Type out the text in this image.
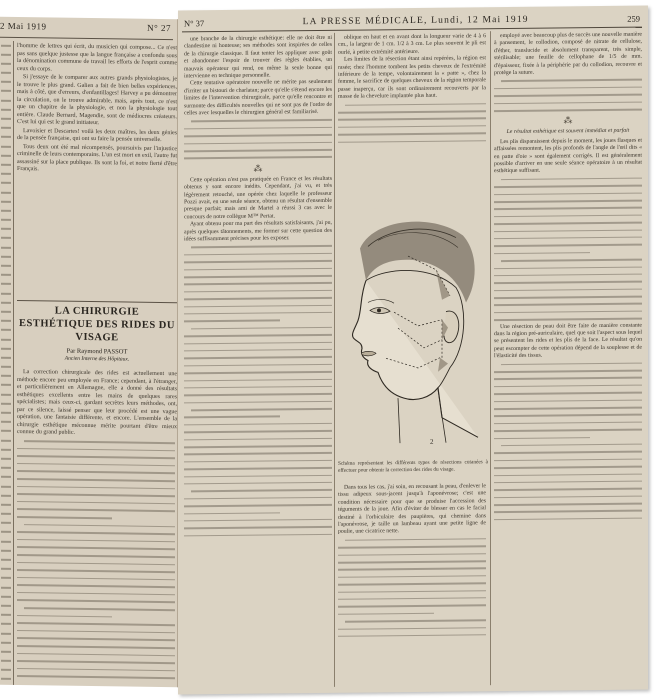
2 Mai 1919	N° 27
l'homme de lettres qui écrit, du musicien qui compose... Ce n'est pas sans quelque justesse que la langue française a confondu sous la dénomination commune de travail les efforts de l'esprit comme ceux du corps.
Si j'essaye de le comparer aux autres grands physiologistes, je le trouve le plus grand. Galien a fait de bien belles expériences, mais à côté, que d'erreurs, d'enfantillages! Harvey a pu démontrer la circulation, on le trouve admirable, mais, après tout, ce n'est que un chapitre de la physiologie, et non la physiologie tout entière. Claude Bernard, Magendie, sont de médiocres créateurs. C'est lui qui est le grand initiateur.
Lavoisier et Descartes! voilà les deux maîtres, les deux génies de la pensée française, qui ont su faire la pensée universelle.
Tous deux ont été mal récompensés, poursuivis par l'injustice criminelle de leurs contemporains. L'un est mort en exil, l'autre fut assassiné sur la place publique. Ils sont la foi, et notre fierté d'être Français.
LA CHIRURGIE ESTHÉTIQUE DES RIDES DU VISAGE
Par Raymond PASSOT
Ancien Interne des Hôpitaux.
La correction chirurgicale des rides est actuellement une méthode encore peu employée en France; cependant, à l'étranger, et particulièrement en Allemagne, elle a donné des résultats esthétiques excellents entre les mains de quelques rares spécialistes; mais ceux-ci, gardant secrètes leurs méthodes, ont, par ce silence, laissé penser que leur procédé est une vague opération, une fantaisie différente, et encore. L'ensemble de la chirurgie esthétique méconnue mérite pourtant d'être mieux connue du grand public.
N° 37	LA PRESSE MÉDICALE, Lundi, 12 Mai 1919	259

une branche de la chirurgie esthétique: elle ne doit être ni clandestine ni honteuse; ses méthodes sont inspirées de celles de la chirurgie classique. Il faut tenter les appliquer avec goût et abandonner l'espoir de trouver des règles établies, un mauvais opérateur qui rend, ou même la seule bonne qui intervienne en technique personnelle.

Cette tentative opératoire nouvelle ne mérite pas seulement d'irriter un bistouri de charlatan; parce qu'elle s'étend encore les limites de l'intervention chirurgicale, parce qu'elle rencontre et surmonte des difficultés nouvelles qui ne sont pas de l'ordre de celles avec lesquelles le chirurgien général est familiarisé.

⁂

Cette opération n'est pas pratiquée en France et les résultats obtenus y sont encore inédits. Cependant, j'ai vu, et très légèrement retouché, une opérée chez laquelle le professeur Pozzi avait, en une seule séance, obtenu un résultat d'ensemble presque parfait; mais ami de Martel a réussi 3 cas avec le concours de notre collègue M™ Pertat.

Ayant obtenu pour ma part des résultats satisfaisants, j'ai pu, après quelques tâtonnements, me former sur cette question des idées suffisamment précises pour les exposer.

oblique en haut et en avant dont la longueur varie de 4 à 6 cm., la largeur de 1 cm. 1/2 à 3 cm. Le plus souvent le pli est ourlé, à petite extrémité antérieure.

Les limites de la résection étant ainsi repérées, la région est rasée; chez l'homme tombent les petits cheveux de l'extrémité inférieure de la tempe, volontairement la « patte », chez la femme, le sacrifice de quelques cheveux de la région temporale passe inaperçu, car ils sont ordinairement recouverts par la masse de la chevelure implantée plus haut.

2
Schéma représentant les différents types de résections cutanées à effectuer pour obtenir la correction des rides du visage.

Dans tous les cas, j'ai soin, en recousant la peau, d'enlever le tissu adipeux sous-jacent jusqu'à l'aponévrose; c'est une condition nécessaire pour que se produise l'accession des téguments de la joue. Afin d'éviter de blesser en cas le facial destiné à l'orbiculaire des paupières, qui chemine dans l'aponévrose, je taille un lambeau ayant une petite ligne de poulie, une cicatrice nette.

employé avec beaucoup plus de succès une nouvelle manière à pansement, le collodion, composé de nitrate de cellulose, d'éther, translucide et absolument transparent, très simple, stérilisable; une feuille de cellophane de 1/5 de mm. d'épaisseur, fixée à la périphérie par du collodion, recouvre et protège la suture.

⁂
Le résultat esthétique est souvent immédiat et parfait

Les plis disparaissent depuis le moment, les joues flasques et affaissées remontent, les plis profonds de l'angle de l'œil dits « en patte d'oie » sont également corrigés. Il est généralement possible d'arriver en une seule séance opératoire à un résultat esthétique suffisant.

Une résection de peau doit être faite de manière constante dans la région pré-auriculaire, quel que soit l'aspect sous lequel se présentent les rides et les plis de la face. Le résultat qu'on peut escompter de cette opération dépend de la souplesse et de l'élasticité des tissus.
